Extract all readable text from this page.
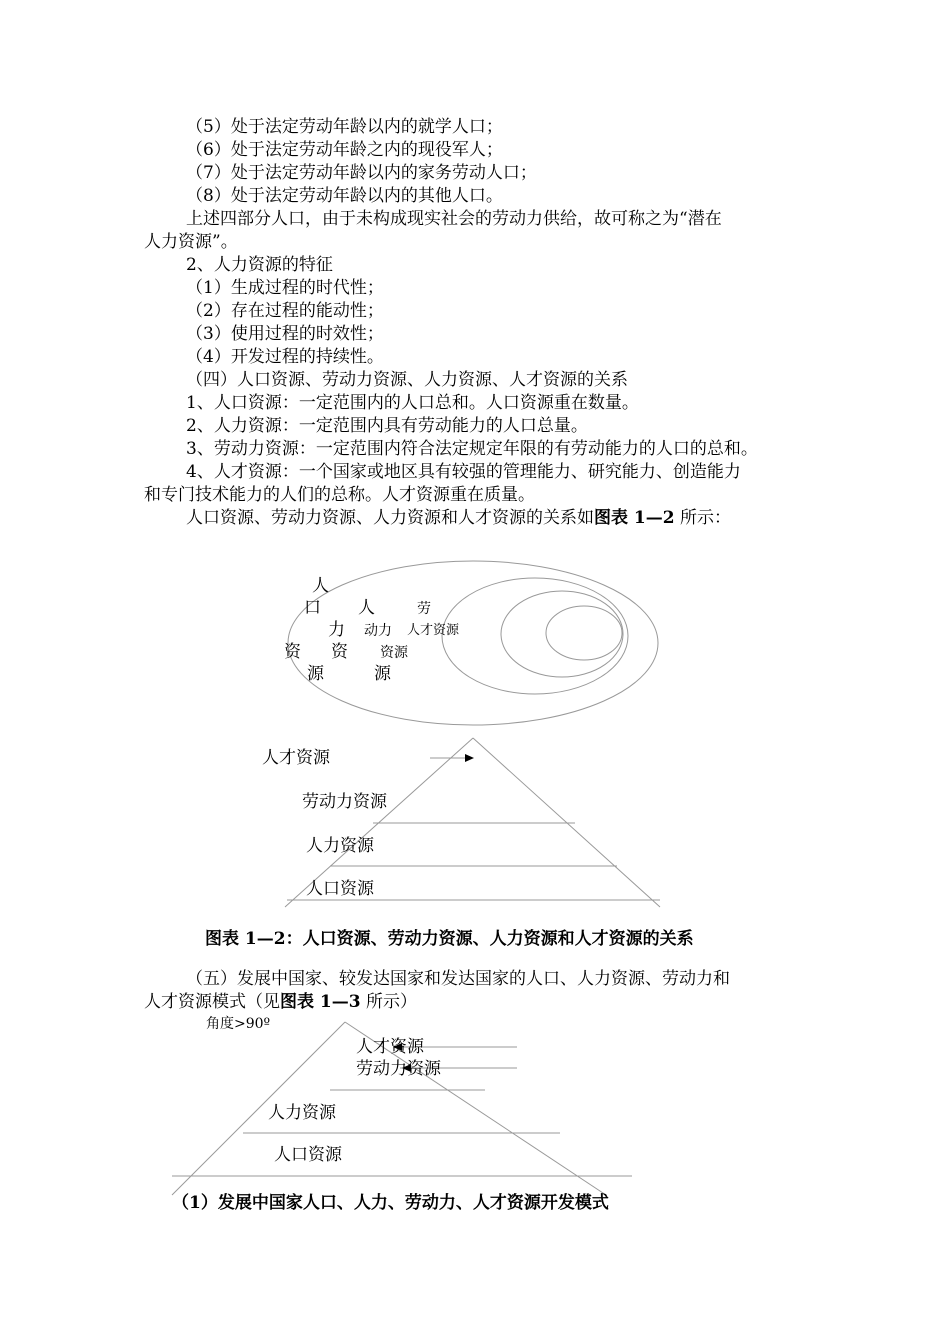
（5）处于法定劳动年龄以内的就学人口；
（6）处于法定劳动年龄之内的现役军人；
（7）处于法定劳动年龄以内的家务劳动人口；
（8）处于法定劳动年龄以内的其他人口。
上述四部分人口，由于未构成现实社会的劳动力供给，故可称之为“潜在
人力资源”。
2、人力资源的特征
（1）生成过程的时代性；
（2）存在过程的能动性；
（3）使用过程的时效性；
（4）开发过程的持续性。
（四）人口资源、劳动力资源、人力资源、人才资源的关系
1、人口资源：一定范围内的人口总和。人口资源重在数量。
2、人力资源：一定范围内具有劳动能力的人口总量。
3、劳动力资源：一定范围内符合法定规定年限的有劳动能力的人口的总和。
4、人才资源：一个国家或地区具有较强的管理能力、研究能力、创造能力
和专门技术能力的人们的总称。人才资源重在质量。
人口资源、劳动力资源、人力资源和人才资源的关系如图表 1—2 所示：
人
口 人	劳
力 动力 人才资源
资 资 资源
源	源
人才资源
劳动力资源
人力资源
人口资源
图表 1—2：人口资源、劳动力资源、人力资源和人才资源的关系
（五）发展中国家、较发达国家和发达国家的人口、人力资源、劳动力和
人才资源模式（见图表 1—3 所示）
角度>90º
人才资源
劳动力资源
人力资源
人口资源
（1）发展中国家人口、人力、劳动力、人才资源开发模式
